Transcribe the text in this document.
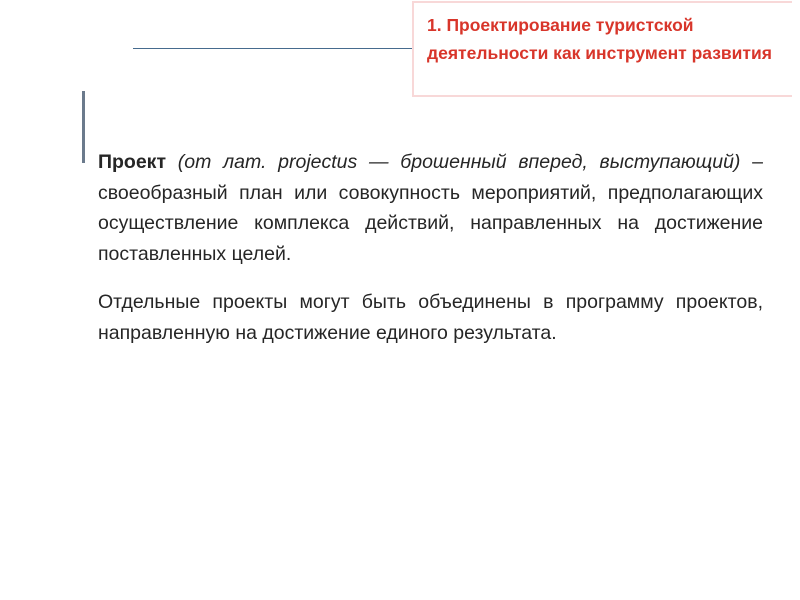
1. Проектирование туристской деятельности как инструмент развития

Проект (от лат. projectus — брошенный вперед, выступающий) – своеобразный план или совокупность мероприятий, предполагающих осуществление комплекса действий, направленных на достижение поставленных целей.

Отдельные проекты могут быть объединены в программу проектов, направленную на достижение единого результата.
